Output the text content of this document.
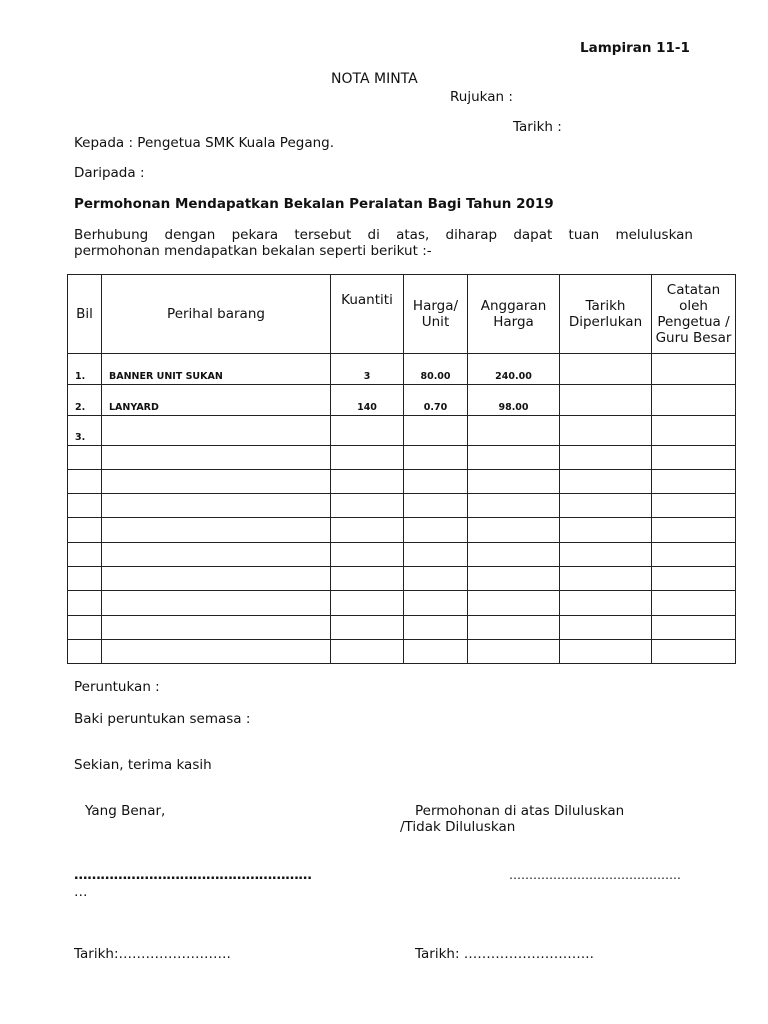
Lampiran 11-1
NOTA MINTA
Rujukan :
Tarikh :
Kepada : Pengetua SMK Kuala Pegang.
Daripada :
Permohonan Mendapatkan Bekalan Peralatan Bagi Tahun 2019
Berhubung dengan pekara tersebut di atas, diharap dapat tuan meluluskan
permohonan mendapatkan bekalan seperti berikut :-
Bil	Perihal barang	Kuantiti	Harga/ Unit	Anggaran Harga	Tarikh Diperlukan	Catatan oleh Pengetua / Guru Besar
1.	BANNER UNIT SUKAN	3	80.00	240.00		
2.	LANYARD	140	0.70	98.00		
3.						

Peruntukan :
Baki peruntukan semasa :
Sekian, terima kasih
Yang Benar,	Permohonan di atas Diluluskan
/Tidak Diluluskan
………………………………………………
…
…………………………………….
Tarikh:…………………….	Tarikh: ………………………..
